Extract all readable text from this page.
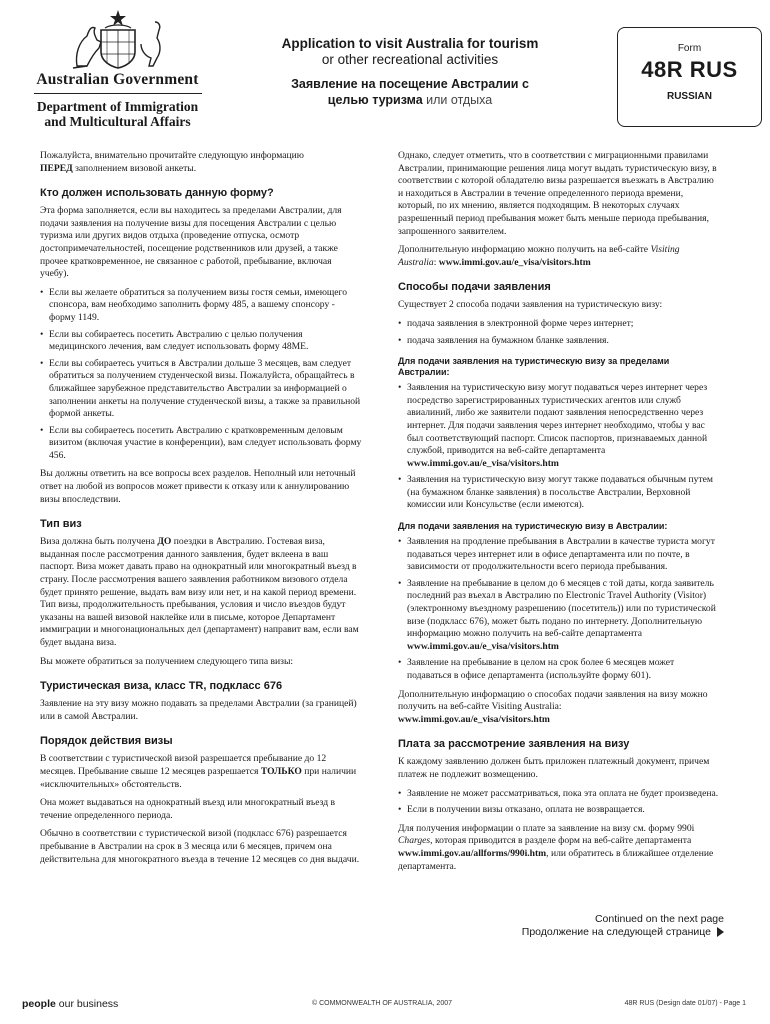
Australian Government
Department of Immigration
and Multicultural Affairs
Application to visit Australia for tourism
or other recreational activities
Заявление на посещение Австралии с
целью туризма или отдыха
Form
48R RUS
RUSSIAN

Пожалуйста, внимательно прочитайте следующую информацию
ПЕРЕД заполнением визовой анкеты.

Кто должен использовать данную форму?

Эта форма заполняется, если вы находитесь за пределами Австралии, для подачи заявления на получение визы для посещения Австралии с целью туризма или других видов отдыха (проведение отпуска, осмотр достопримечательностей, посещение родственников или друзей, а также прочее кратковременное, не связанное с работой, пребывание, включая учебу).

• Если вы желаете обратиться за получением визы гостя семьи, имеющего спонсора, вам необходимо заполнить форму 485, а вашему спонсору - форму 1149.
• Если вы собираетесь посетить Австралию с целью получения медицинского лечения, вам следует использовать форму 48ME.
• Если вы собираетесь учиться в Австралии дольше 3 месяцев, вам следует обратиться за получением студенческой визы. Пожалуйста, обращайтесь в ближайшее зарубежное представительство Австралии за информацией о заполнении анкеты на получение студенческой визы, а также за правильной формой анкеты.
• Если вы собираетесь посетить Австралию с кратковременным деловым визитом (включая участие в конференции), вам следует использовать форму 456.

Вы должны ответить на все вопросы всех разделов. Неполный или неточный ответ на любой из вопросов может привести к отказу или к аннулированию визы впоследствии.

Тип виз

Виза должна быть получена ДО поездки в Австралию. Гостевая виза, выданная после рассмотрения данного заявления, будет вклеена в ваш паспорт. Виза может давать право на однократный или многократный въезд в страну. После рассмотрения вашего заявления работником визового отдела будет принято решение, выдать вам визу или нет, и на какой период времени. Тип визы, продолжительность пребывания, условия и число въездов будут указаны на вашей визовой наклейке или в письме, которое Департамент иммиграции и многонациональных дел (департамент) направит вам, если вам будет выдана виза.

Вы можете обратиться за получением следующего типа визы:

Туристическая виза, класс TR, подкласс 676

Заявление на эту визу можно подавать за пределами Австралии (за границей) или в самой Австралии.

Порядок действия визы

В соответствии с туристической визой разрешается пребывание до 12 месяцев. Пребывание свыше 12 месяцев разрешается ТОЛЬКО при наличии «исключительных» обстоятельств.

Она может выдаваться на однократный въезд или многократный въезд в течение определенного периода.

Обычно в соответствии с туристической визой (подкласс 676) разрешается пребывание в Австралии на срок в 3 месяца или 6 месяцев, причем она действительна для многократного въезда в течение 12 месяцев со дня выдачи.

Однако, следует отметить, что в соответствии с миграционными правилами Австралии, принимающие решения лица могут выдать туристическую визу, в соответствии с которой обладателю визы разрешается въезжать в Австралию и находиться в Австралии в течение определенного периода времени, который, по их мнению, является подходящим. В некоторых случаях разрешенный период пребывания может быть меньше периода пребывания, запрошенного заявителем.

Дополнительную информацию можно получить на веб-сайте Visiting Australia: www.immi.gov.au/e_visa/visitors.htm

Способы подачи заявления

Существует 2 способа подачи заявления на туристическую визу:

• подача заявления в электронной форме через интернет;
• подача заявления на бумажном бланке заявления.
Для подачи заявления на туристическую визу за пределами Австралии:
• Заявления на туристическую визу могут подаваться через интернет через посредство зарегистрированных туристических агентов или служб авиалиний, либо же заявители подают заявления непосредственно через интернет. Для подачи заявления через интернет необходимо, чтобы у вас был соответствующий паспорт. Список паспортов, признаваемых данной службой, приводится на веб-сайте департамента www.immi.gov.au/e_visa/visitors.htm
• Заявления на туристическую визу могут также подаваться обычным путем (на бумажном бланке заявления) в посольстве Австралии, Верховной комиссии или Консульстве (если имеются).
Для подачи заявления на туристическую визу в Австралии:
• Заявления на продление пребывания в Австралии в качестве туриста могут подаваться через интернет или в офисе департамента или по почте, в зависимости от продолжительности всего периода пребывания.
• Заявление на пребывание в целом до 6 месяцев с той даты, когда заявитель последний раз въехал в Австралию по Electronic Travel Authority (Visitor) (электронному въездному разрешению (посетитель)) или по туристической визе (подкласс 676), может быть подано по интернету. Дополнительную информацию можно получить на веб-сайте департамента www.immi.gov.au/e_visa/visitors.htm
• Заявление на пребывание в целом на срок более 6 месяцев может подаваться в офисе департамента (используйте форму 601).

Дополнительную информацию о способах подачи заявления на визу можно получить на веб-сайте Visiting Australia:
www.immi.gov.au/e_visa/visitors.htm

Плата за рассмотрение заявления на визу

К каждому заявлению должен быть приложен платежный документ, причем платеж не подлежит возмещению.

• Заявление не может рассматриваться, пока эта оплата не будет произведена.
• Если в получении визы отказано, оплата не возвращается.

Для получения информации о плате за заявление на визу см. форму 990i Charges, которая приводится в разделе форм на веб-сайте департамента www.immi.gov.au/allforms/990i.htm, или обратитесь в ближайшее отделение департамента.

Continued on the next page
Продолжение на следующей странице
people our business	© COMMONWEALTH OF AUSTRALIA, 2007	48R RUS (Design date 01/07) - Page 1
